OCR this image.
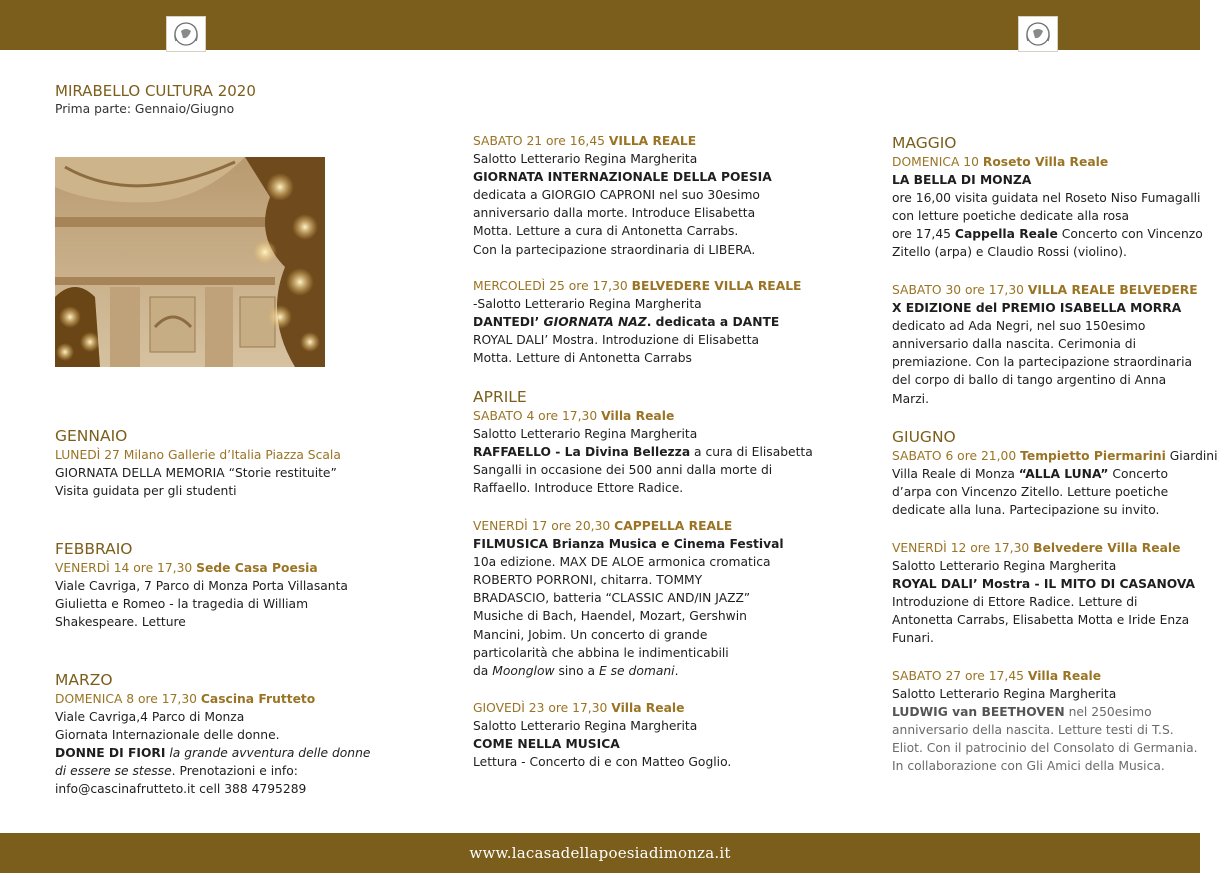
MIRABELLO CULTURA 2020
Prima parte: Gennaio/Giugno
GENNAIO
LUNEDÌ 27 Milano Gallerie d’Italia Piazza Scala
GIORNATA DELLA MEMORIA “Storie restituite”
Visita guidata per gli studenti
FEBBRAIO
VENERDÌ 14 ore 17,30 Sede Casa Poesia
Viale Cavriga, 7 Parco di Monza Porta Villasanta
Giulietta e Romeo - la tragedia di William
Shakespeare. Letture
MARZO
DOMENICA 8 ore 17,30 Cascina Frutteto
Viale Cavriga,4 Parco di Monza
Giornata Internazionale delle donne.
DONNE DI FIORI la grande avventura delle donne
di essere se stesse. Prenotazioni e info:
info@cascinafrutteto.it cell 388 4795289
SABATO 21 ore 16,45 VILLA REALE
Salotto Letterario Regina Margherita
GIORNATA INTERNAZIONALE DELLA POESIA
dedicata a GIORGIO CAPRONI nel suo 30esimo
anniversario dalla morte. Introduce Elisabetta
Motta. Letture a cura di Antonetta Carrabs.
Con la partecipazione straordinaria di LIBERA.
MERCOLEDÌ 25 ore 17,30 BELVEDERE VILLA REALE
-Salotto Letterario Regina Margherita
DANTEDI’ GIORNATA NAZ. dedicata a DANTE
ROYAL DALI’ Mostra. Introduzione di Elisabetta
Motta. Letture di Antonetta Carrabs
APRILE
SABATO 4 ore 17,30 Villa Reale
Salotto Letterario Regina Margherita
RAFFAELLO - La Divina Bellezza a cura di Elisabetta
Sangalli in occasione dei 500 anni dalla morte di
Raffaello. Introduce Ettore Radice.
VENERDÌ 17 ore 20,30 CAPPELLA REALE
FILMUSICA Brianza Musica e Cinema Festival
10a edizione. MAX DE ALOE armonica cromatica
ROBERTO PORRONI, chitarra. TOMMY
BRADASCIO, batteria “CLASSIC AND/IN JAZZ”
Musiche di Bach, Haendel, Mozart, Gershwin
Mancini, Jobim. Un concerto di grande
particolarità che abbina le indimenticabili
da Moonglow sino a E se domani.
GIOVEDÌ 23 ore 17,30 Villa Reale
Salotto Letterario Regina Margherita
COME NELLA MUSICA
Lettura - Concerto di e con Matteo Goglio.
MAGGIO
DOMENICA 10 Roseto Villa Reale
LA BELLA DI MONZA
ore 16,00 visita guidata nel Roseto Niso Fumagalli
con letture poetiche dedicate alla rosa
ore 17,45 Cappella Reale Concerto con Vincenzo
Zitello (arpa) e Claudio Rossi (violino).
SABATO 30 ore 17,30 VILLA REALE BELVEDERE
X EDIZIONE del PREMIO ISABELLA MORRA
dedicato ad Ada Negri, nel suo 150esimo
anniversario dalla nascita. Cerimonia di
premiazione. Con la partecipazione straordinaria
del corpo di ballo di tango argentino di Anna
Marzi.
GIUGNO
SABATO 6 ore 21,00 Tempietto Piermarini Giardini
Villa Reale di Monza “ALLA LUNA” Concerto
d’arpa con Vincenzo Zitello. Letture poetiche
dedicate alla luna. Partecipazione su invito.
VENERDÌ 12 ore 17,30 Belvedere Villa Reale
Salotto Letterario Regina Margherita
ROYAL DALI’ Mostra - IL MITO DI CASANOVA
Introduzione di Ettore Radice. Letture di
Antonetta Carrabs, Elisabetta Motta e Iride Enza
Funari.
SABATO 27 ore 17,45 Villa Reale
Salotto Letterario Regina Margherita
LUDWIG van BEETHOVEN nel 250esimo
anniversario della nascita. Letture testi di T.S.
Eliot. Con il patrocinio del Consolato di Germania.
In collaborazione con Gli Amici della Musica.
www.lacasadellapoesiadimonza.it
